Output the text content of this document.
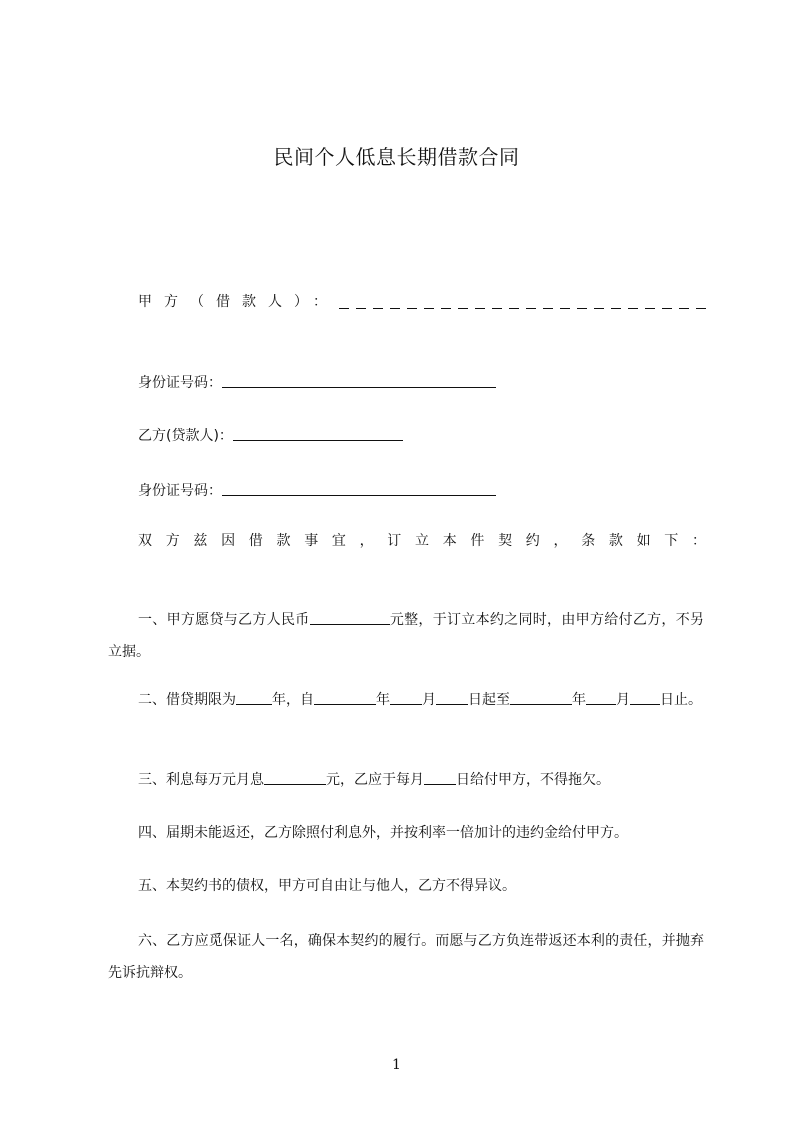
民间个人低息长期借款合同
甲方（借款人）：
身份证号码：
乙方(贷款人)：
身份证号码：
双方兹因借款事宜，订立本件契约，条款如下：
一、甲方愿贷与乙方人民币	元整，于订立本约之同时，由甲方给付乙方，不另立据。
二、借贷期限为	年，自	年 月 日起至	年 月 日止。
三、利息每万元月息	元，乙应于每月 日给付甲方，不得拖欠。
四、届期未能返还，乙方除照付利息外，并按利率一倍加计的违约金给付甲方。
五、本契约书的债权，甲方可自由让与他人，乙方不得异议。
六、乙方应觅保证人一名，确保本契约的履行。而愿与乙方负连带返还本利的责任，并抛弃先诉抗辩权。
1
